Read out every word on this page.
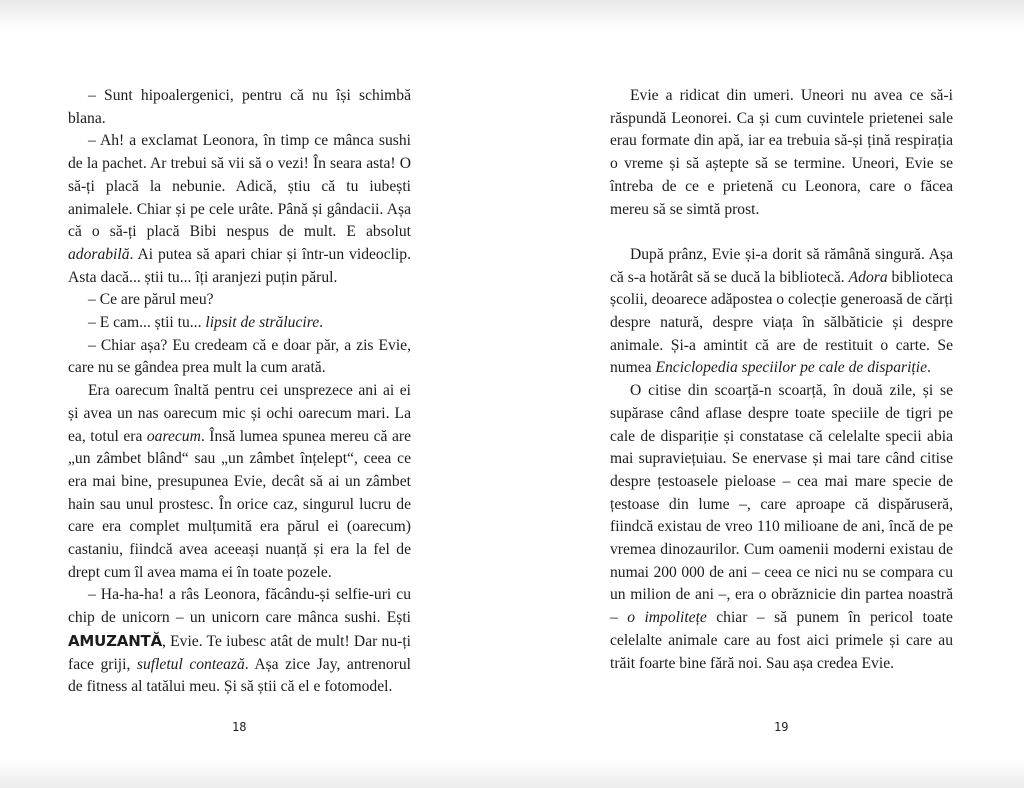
– Sunt hipoalergenici, pentru că nu își schimbă blana.

– Ah! a exclamat Leonora, în timp ce mânca sushi de la pachet. Ar trebui să vii să o vezi! În seara asta! O să-ți placă la nebunie. Adică, știu că tu iubești animalele. Chiar și pe cele urâte. Până și gândacii. Așa că o să-ți placă Bibi nespus de mult. E absolut adorabilă. Ai putea să apari chiar și într-un videoclip. Asta dacă... știi tu... îți aranjezi puțin părul.

– Ce are părul meu?

– E cam... știi tu... lipsit de strălucire.

– Chiar așa? Eu credeam că e doar păr, a zis Evie, care nu se gândea prea mult la cum arată.

Era oarecum înaltă pentru cei unsprezece ani ai ei și avea un nas oarecum mic și ochi oarecum mari. La ea, totul era oarecum. Însă lumea spunea mereu că are „un zâmbet blând“ sau „un zâmbet înțelept“, ceea ce era mai bine, presupunea Evie, decât să ai un zâmbet hain sau unul prostesc. În orice caz, singurul lucru de care era complet mulțumită era părul ei (oarecum) castaniu, fiindcă avea aceeași nuanță și era la fel de drept cum îl avea mama ei în toate pozele.

– Ha-ha-ha! a râs Leonora, făcându-și selfie-uri cu chip de unicorn – un unicorn care mânca sushi. Ești AMUZANTĂ, Evie. Te iubesc atât de mult! Dar nu-ți face griji, sufletul contează. Așa zice Jay, antrenorul de fitness al tatălui meu. Și să știi că el e fotomodel.

18

Evie a ridicat din umeri. Uneori nu avea ce să-i răspundă Leonorei. Ca și cum cuvintele prietenei sale erau formate din apă, iar ea trebuia să-și țină respirația o vreme și să aștepte să se termine. Uneori, Evie se întreba de ce e prietenă cu Leonora, care o făcea mereu să se simtă prost.

După prânz, Evie și-a dorit să rămână singură. Așa că s-a hotărât să se ducă la bibliotecă. Adora biblioteca școlii, deoarece adăpostea o colecție generoasă de cărți despre natură, despre viața în sălbăticie și despre animale. Și-a amintit că are de restituit o carte. Se numea Enciclopedia speciilor pe cale de dispariție.

O citise din scoarță-n scoarță, în două zile, și se supărase când aflase despre toate speciile de tigri pe cale de dispariție și constatase că celelalte specii abia mai supraviețuiau. Se enervase și mai tare când citise despre țestoasele pieloase – cea mai mare specie de țestoase din lume –, care aproape că dispăruseră, fiindcă existau de vreo 110 milioane de ani, încă de pe vremea dinozaurilor. Cum oamenii moderni existau de numai 200 000 de ani – ceea ce nici nu se compara cu un milion de ani –, era o obrăznicie din partea noastră – o impolitețe chiar – să punem în pericol toate celelalte animale care au fost aici primele și care au trăit foarte bine fără noi. Sau așa credea Evie.

19
